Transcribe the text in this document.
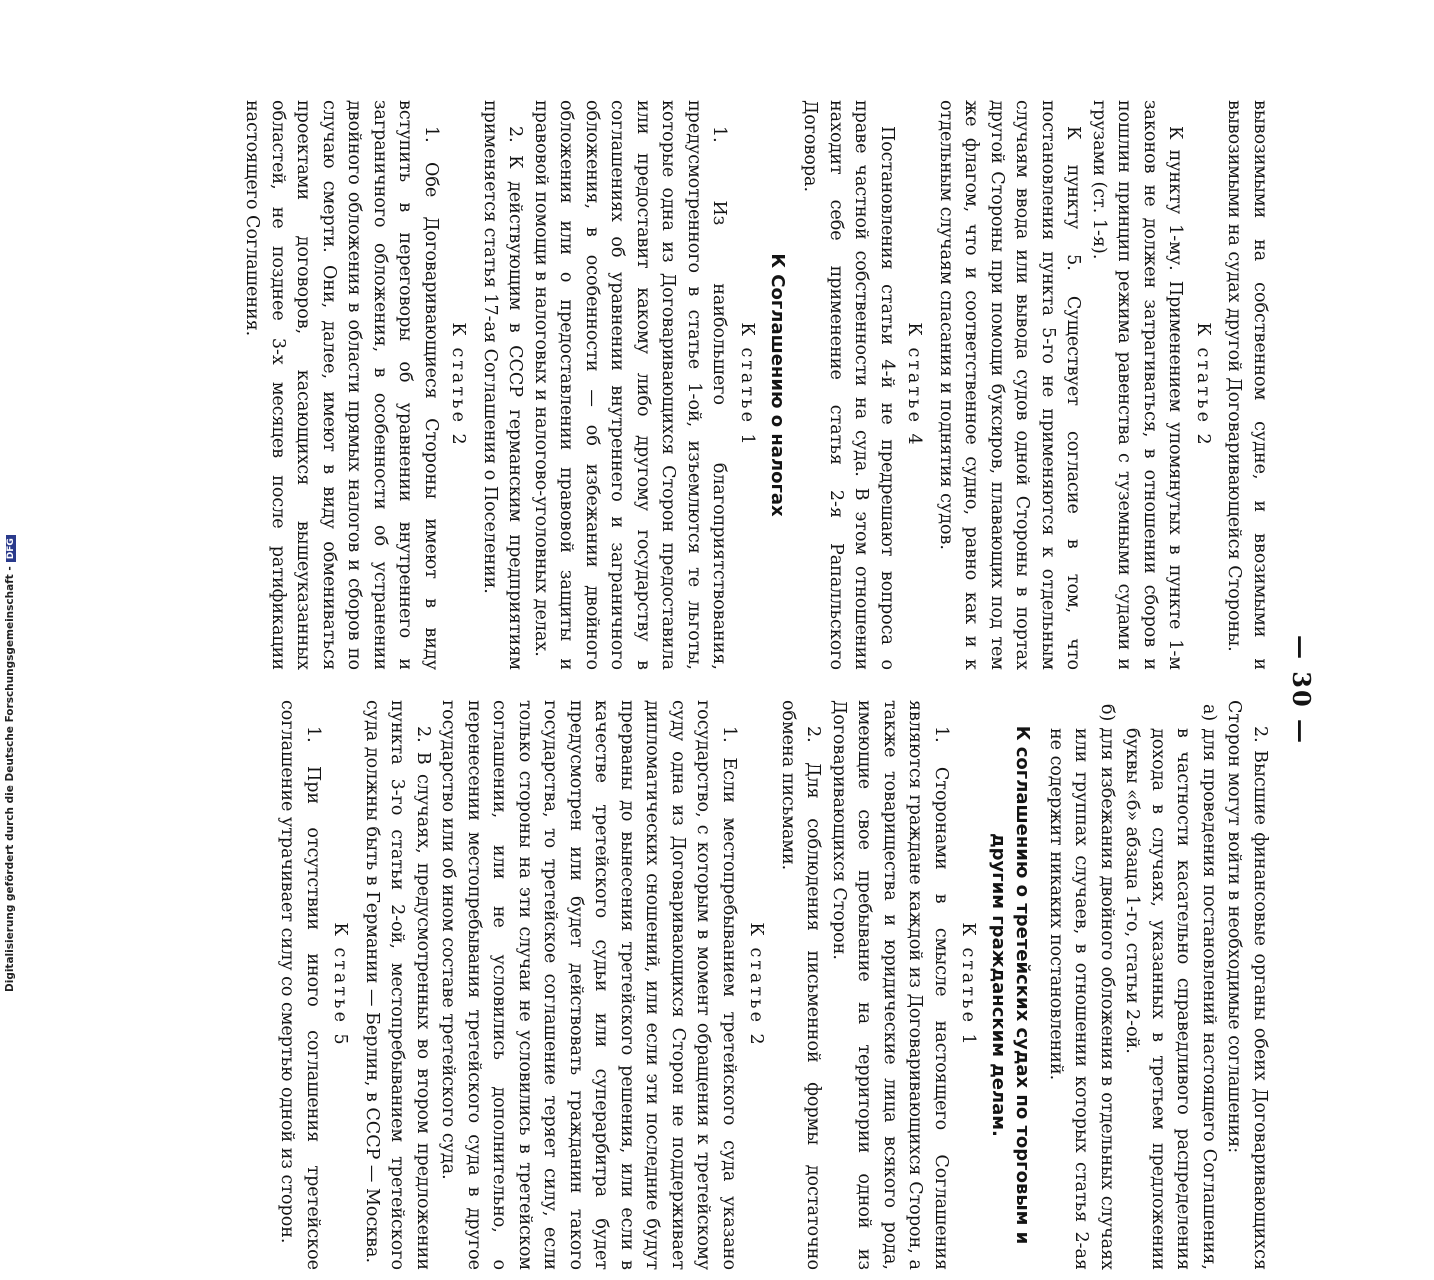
— 30 —

вывозимыми на собственном судне, и ввозимыми и вывозимыми на судах другой Договаривающейся Стороны.

К статье 2

К пункту 1-му. Применением упомянутых в пункте 1-м законов не должен затрагиваться, в отношении сборов и пошлин принцип режима равенства с туземными судами и грузами (ст. 1-я).

К пункту 5. Существует согласие в том, что постановления пункта 5-го не применяются к отдельным случаям ввода или вывода судов одной Стороны в портах другой Стороны при помощи буксиров, плавающих под тем же флагом, что и соответственное судно, равно как и к отдельным случаям спасания и поднятия судов.

К статье 4

Постановления статьи 4-й не предрешают вопроса о праве частной собственности на суда. В этом отношении находит себе применение статья 2-я Рапалльского Договора.

К Соглашению о налогах
К статье 1

1. Из наибольшего благоприятствования, предусмотренного в статье 1-ой, изъемлются те льготы, которые одна из Договаривающихся Сторон предоставила или предоставит какому либо другому государству в соглашениях об уравнении внутреннего и заграничного обложения, в особенности — об избежании двойного обложения или о предоставлении правовой защиты и правовой помощи в налоговых и налогово-уголовных делах.

2. К действующим в СССР германским предприятиям применяется статья 17-ая Соглашения о Поселении.

К статье 2

1. Обе Договаривающиеся Стороны имеют в виду вступить в переговоры об уравнении внутреннего и заграничного обложения, в особенности об устранении двойного обложения в области прямых налогов и сборов по случаю смерти. Они, далее, имеют в виду обмениваться проектами договоров, касающихся вышеуказанных областей, не позднее 3-х месяцев после ратификации настоящего Соглашения.

2. Высшие финансовые органы обеих Договаривающихся Сторон могут войти в необходимые соглашения:

а) для проведения постановлений настоящего Соглашения, в частности касательно справедливого распределения дохода в случаях, указанных в третьем предложении буквы «б» абзаца 1-го, статьи 2-ой.

б) для избежания двойного обложения в отдельных случаях или группах случаев, в отношении которых статья 2-ая не содержит никаких постановлений.

К соглашению о третейских судах по торговым и другим гражданским делам.
К статье 1

1. Сторонами в смысле настоящего Соглашения являются граждане каждой из Договаривающихся Сторон, а также товарищества и юридические лица всякого рода, имеющие свое пребывание на территории одной из Договаривающихся Сторон.

2. Для соблюдения письменной формы достаточно обмена письмами.

К статье 2

1. Если местопребыванием третейского суда указано государство, с которым в момент обращения к третейскому суду одна из Договаривающихся Сторон не поддерживает дипломатических сношений, или если эти последние будут прерваны до вынесения третейского решения, или если в качестве третейского судьи или суперарбитра будет предусмотрен или будет действовать гражданин такого государства, то третейское соглашение теряет силу, если только стороны на эти случаи не условились в третейском соглашении, или не условились дополнительно, о перенесении местопребывания третейского суда в другое государство или об ином составе третейского суда.

2. В случаях, предусмотренных во втором предложении пункта 3-го статьи 2-ой, местопребыванием третейского суда должны быть в Германии — Берлин, в СССР — Москва.

К статье 5

1. При отсутствии иного соглашения третейское соглашение утрачивает силу со смертью одной из сторон.

Digitalisierung gefördert durch die Deutsche Forschungsgemeinschaft -DFG
